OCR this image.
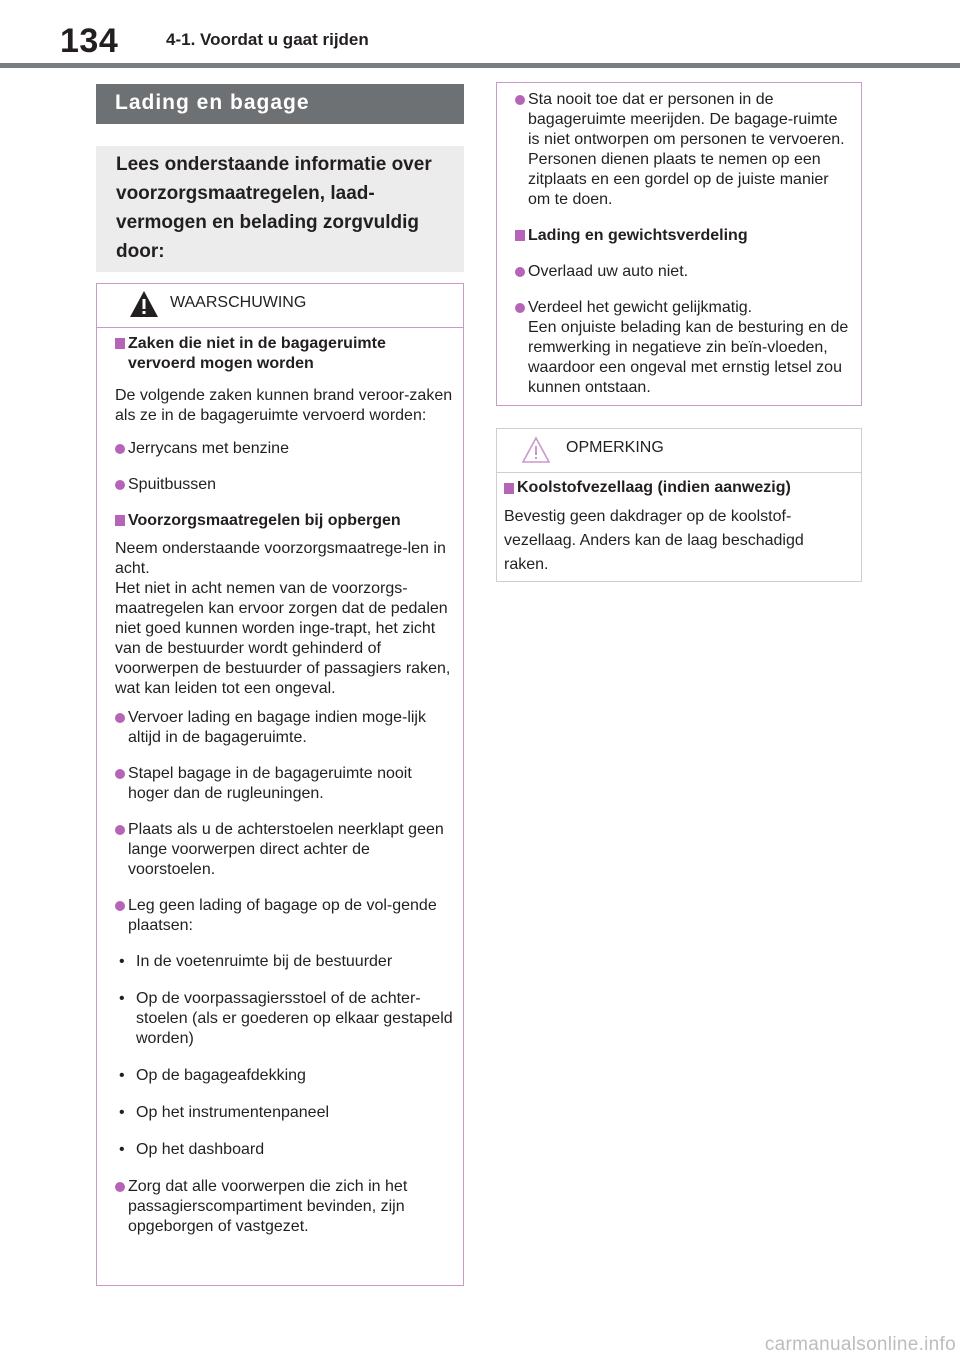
134	4-1. Voordat u gaat rijden
Lading en bagage
Lees onderstaande informatie over voorzorgsmaatregelen, laad-vermogen en belading zorgvuldig door:
WAARSCHUWING
Zaken die niet in de bagageruimte vervoerd mogen worden
De volgende zaken kunnen brand veroor-zaken als ze in de bagageruimte vervoerd worden:
Jerrycans met benzine
Spuitbussen
Voorzorgsmaatregelen bij opbergen
Neem onderstaande voorzorgsmaatrege-len in acht.
Het niet in acht nemen van de voorzorgs-maatregelen kan ervoor zorgen dat de pedalen niet goed kunnen worden inge-trapt, het zicht van de bestuurder wordt gehinderd of voorwerpen de bestuurder of passagiers raken, wat kan leiden tot een ongeval.
Vervoer lading en bagage indien moge-lijk altijd in de bagageruimte.
Stapel bagage in de bagageruimte nooit hoger dan de rugleuningen.
Plaats als u de achterstoelen neerklapt geen lange voorwerpen direct achter de voorstoelen.
Leg geen lading of bagage op de vol-gende plaatsen:
• In de voetenruimte bij de bestuurder
• Op de voorpassagiersstoel of de achter-stoelen (als er goederen op elkaar gestapeld worden)
• Op de bagageafdekking
• Op het instrumentenpaneel
• Op het dashboard
Zorg dat alle voorwerpen die zich in het passagierscompartiment bevinden, zijn opgeborgen of vastgezet.
Sta nooit toe dat er personen in de bagageruimte meerijden. De bagage-ruimte is niet ontworpen om personen te vervoeren. Personen dienen plaats te nemen op een zitplaats en een gordel op de juiste manier om te doen.
Lading en gewichtsverdeling
Overlaad uw auto niet.
Verdeel het gewicht gelijkmatig.
Een onjuiste belading kan de besturing en de remwerking in negatieve zin beïn-vloeden, waardoor een ongeval met ernstig letsel zou kunnen ontstaan.
OPMERKING
Koolstofvezellaag (indien aanwezig)
Bevestig geen dakdrager op de koolstof-vezellaag. Anders kan de laag beschadigd raken.
carmanualsonline.info
